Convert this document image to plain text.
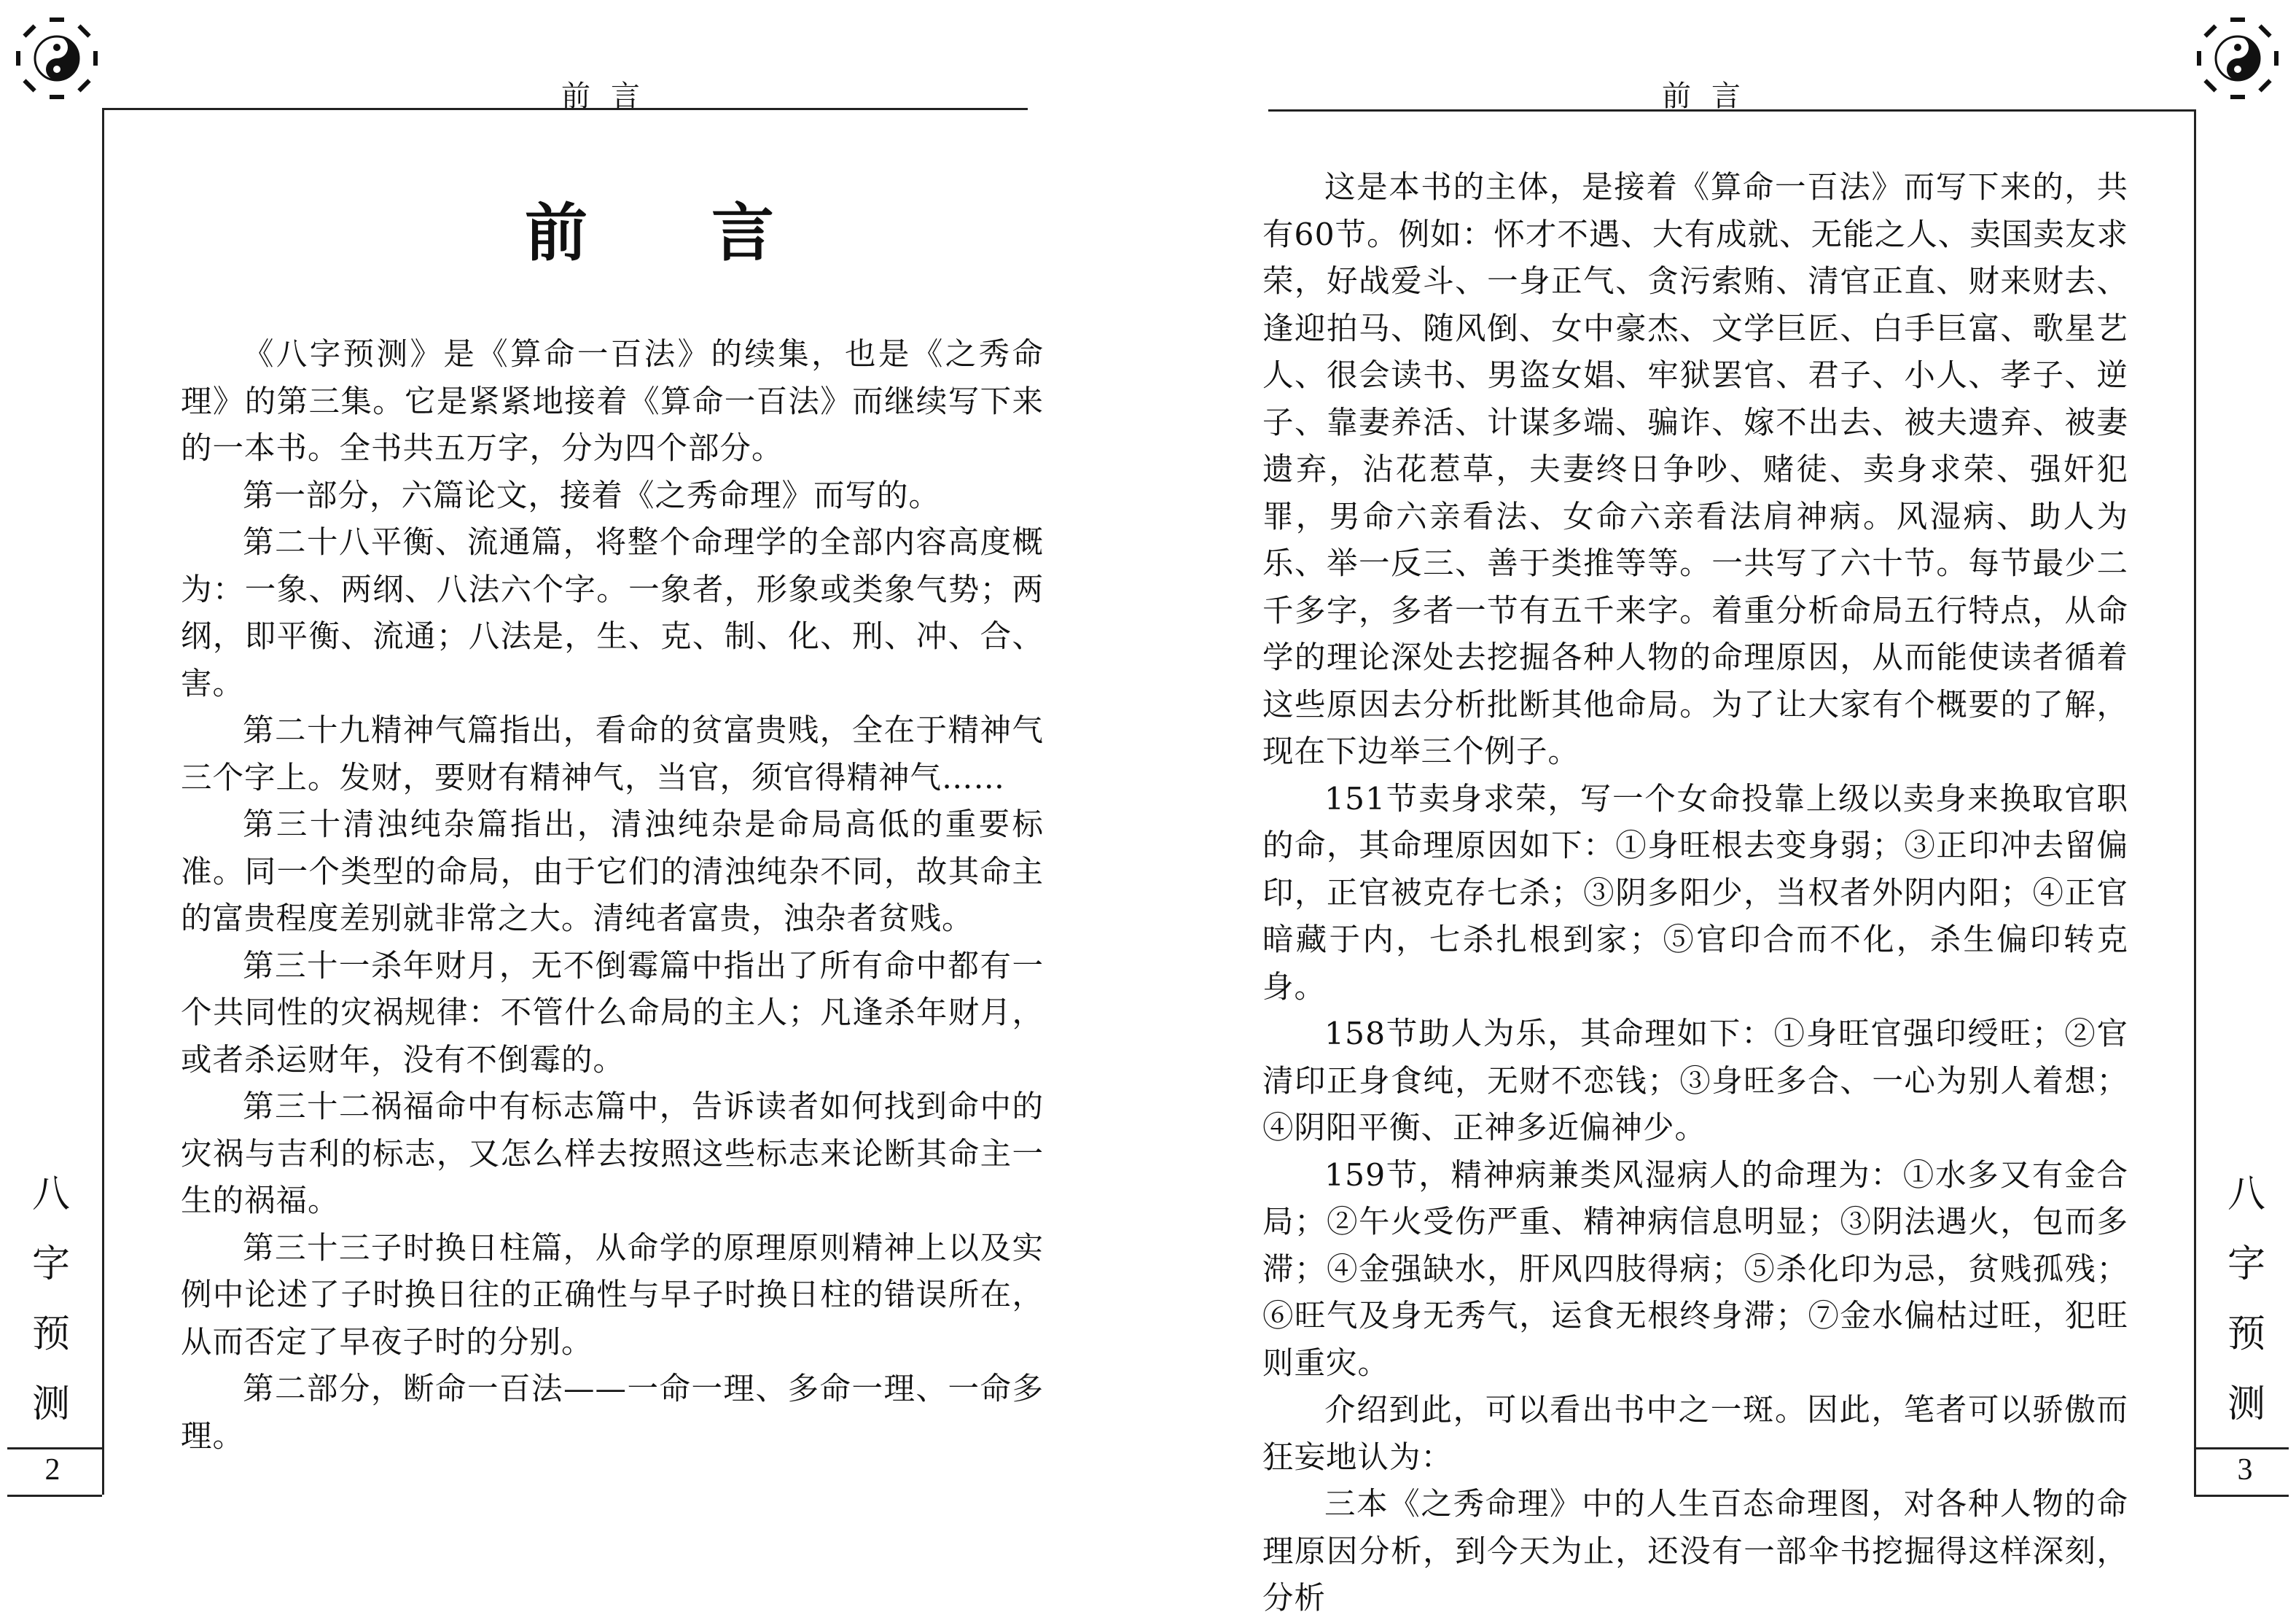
前言
前 言

《八字预测》是《算命一百法》的续集，也是《之秀命理》的第三集。它是紧紧地接着《算命一百法》而继续写下来的一本书。全书共五万字，分为四个部分。

第一部分，六篇论文，接着《之秀命理》而写的。

第二十八平衡、流通篇，将整个命理学的全部内容高度概为：一象、两纲、八法六个字。一象者，形象或类象气势；两纲，即平衡、流通；八法是，生、克、制、化、刑、冲、合、害。

第二十九精神气篇指出，看命的贫富贵贱，全在于精神气三个字上。发财，要财有精神气，当官，须官得精神气……

第三十清浊纯杂篇指出，清浊纯杂是命局高低的重要标准。同一个类型的命局，由于它们的清浊纯杂不同，故其命主的富贵程度差别就非常之大。清纯者富贵，浊杂者贫贱。

第三十一杀年财月，无不倒霉篇中指出了所有命中都有一个共同性的灾祸规律：不管什么命局的主人；凡逢杀年财月，或者杀运财年，没有不倒霉的。

第三十二祸福命中有标志篇中，告诉读者如何找到命中的灾祸与吉利的标志，又怎么样去按照这些标志来论断其命主一生的祸福。

第三十三子时换日柱篇，从命学的原理原则精神上以及实例中论述了子时换日往的正确性与早子时换日柱的错误所在，从而否定了早夜子时的分别。

第二部分，断命一百法——一命一理、多命一理、一命多理。

八
字
预
测
2
前言

这是本书的主体，是接着《算命一百法》而写下来的，共有60节。例如：怀才不遇、大有成就、无能之人、卖国卖友求荣，好战爱斗、一身正气、贪污索贿、清官正直、财来财去、逢迎拍马、随风倒、女中豪杰、文学巨匠、白手巨富、歌星艺人、很会读书、男盗女娼、牢狱罢官、君子、小人、孝子、逆子、靠妻养活、计谋多端、骗诈、嫁不出去、被夫遗弃、被妻遗弃，沾花惹草，夫妻终日争吵、赌徒、卖身求荣、强奸犯罪，男命六亲看法、女命六亲看法肩神病。风湿病、助人为乐、举一反三、善于类推等等。一共写了六十节。每节最少二千多字，多者一节有五千来字。着重分析命局五行特点，从命学的理论深处去挖掘各种人物的命理原因，从而能使读者循着这些原因去分析批断其他命局。为了让大家有个概要的了解，现在下边举三个例子。

151节卖身求荣，写一个女命投靠上级以卖身来换取官职的命，其命理原因如下：①身旺根去变身弱；③正印冲去留偏印，正官被克存七杀；③阴多阳少，当权者外阴内阳；④正官暗藏于内，七杀扎根到家；⑤官印合而不化，杀生偏印转克身。

158节助人为乐，其命理如下：①身旺官强印绶旺；②官清印正身食纯，无财不恋钱；③身旺多合、一心为别人着想；④阴阳平衡、正神多近偏神少。

159节，精神病兼类风湿病人的命理为：①水多又有金合局；②午火受伤严重、精神病信息明显；③阴法遇火，包而多滞；④金强缺水，肝风四肢得病；⑤杀化印为忌，贫贱孤残；⑥旺气及身无秀气，运食无根终身滞；⑦金水偏枯过旺，犯旺则重灾。

介绍到此，可以看出书中之一斑。因此，笔者可以骄傲而狂妄地认为：

三本《之秀命理》中的人生百态命理图，对各种人物的命理原因分析，到今天为止，还没有一部伞书挖掘得这样深刻，分析

八
字
预
测
3
